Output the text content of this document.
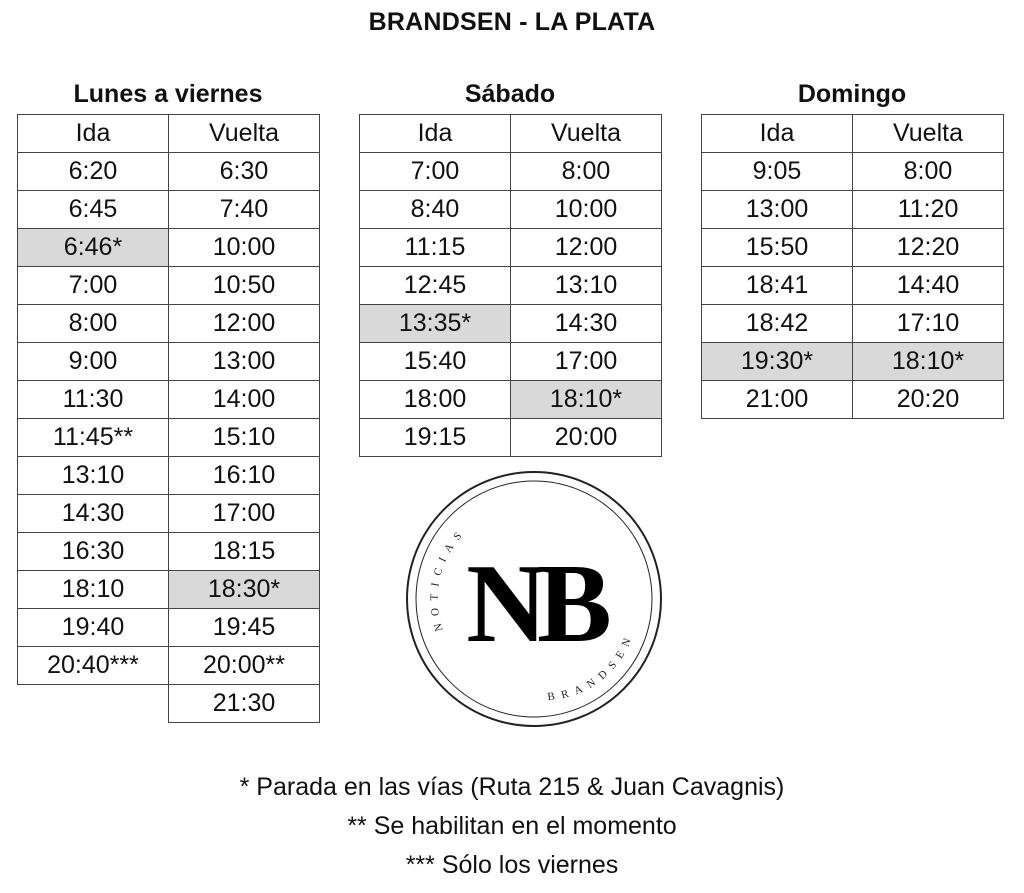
BRANDSEN - LA PLATA
Lunes a viernes
Ida	Vuelta
6:20	6:30
6:45	7:40
6:46*	10:00
7:00	10:50
8:00	12:00
9:00	13:00
11:30	14:00
11:45**	15:10
13:10	16:10
14:30	17:00
16:30	18:15
18:10	18:30*
19:40	19:45
20:40***	20:00**
	21:30
Sábado
Ida	Vuelta
7:00	8:00
8:40	10:00
11:15	12:00
12:45	13:10
13:35*	14:30
15:40	17:00
18:00	18:10*
19:15	20:00
Domingo
Ida	Vuelta
9:05	8:00
13:00	11:20
15:50	12:20
18:41	14:40
18:42	17:10
19:30*	18:10*
21:00	20:20
NOTICIAS
BRANDSEN
NB
* Parada en las vías (Ruta 215 & Juan Cavagnis)
** Se habilitan en el momento
*** Sólo los viernes
